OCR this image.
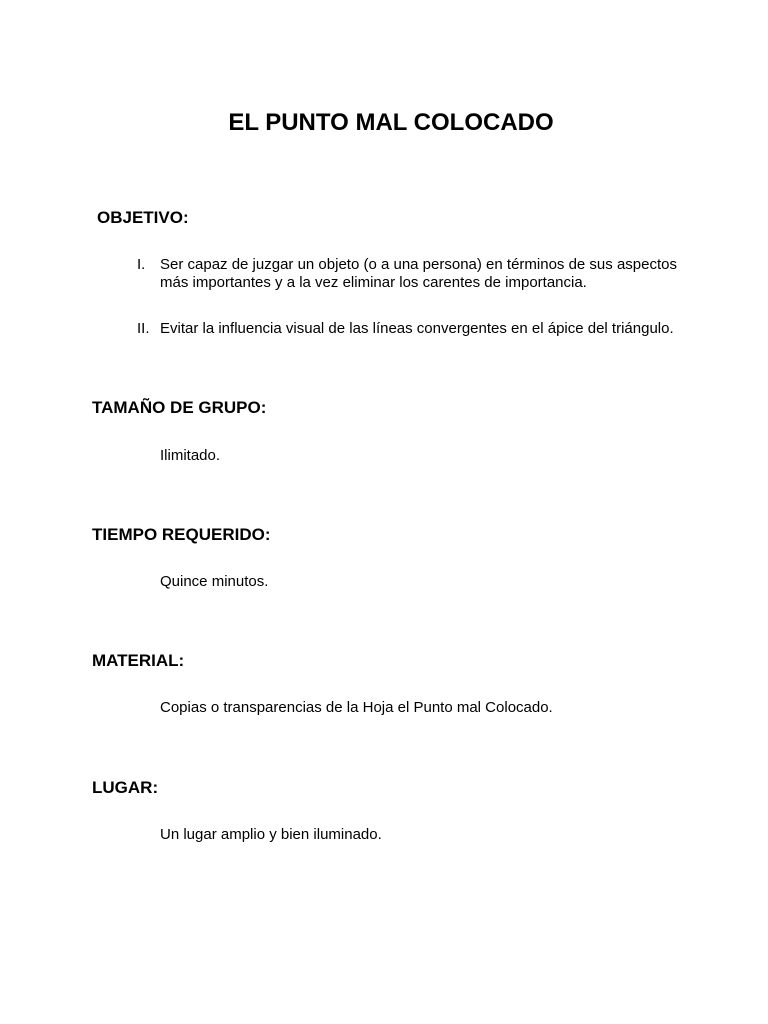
EL PUNTO MAL COLOCADO
OBJETIVO:
I. Ser capaz de juzgar un objeto (o a una persona) en términos de sus aspectos más importantes y a la vez eliminar los carentes de importancia.
II. Evitar la influencia visual de las líneas convergentes en el ápice del triángulo.
TAMAÑO DE GRUPO:

Ilimitado.

TIEMPO REQUERIDO:

Quince minutos.

MATERIAL:

Copias o transparencias de la Hoja el Punto mal Colocado.

LUGAR:

Un lugar amplio y bien iluminado.
